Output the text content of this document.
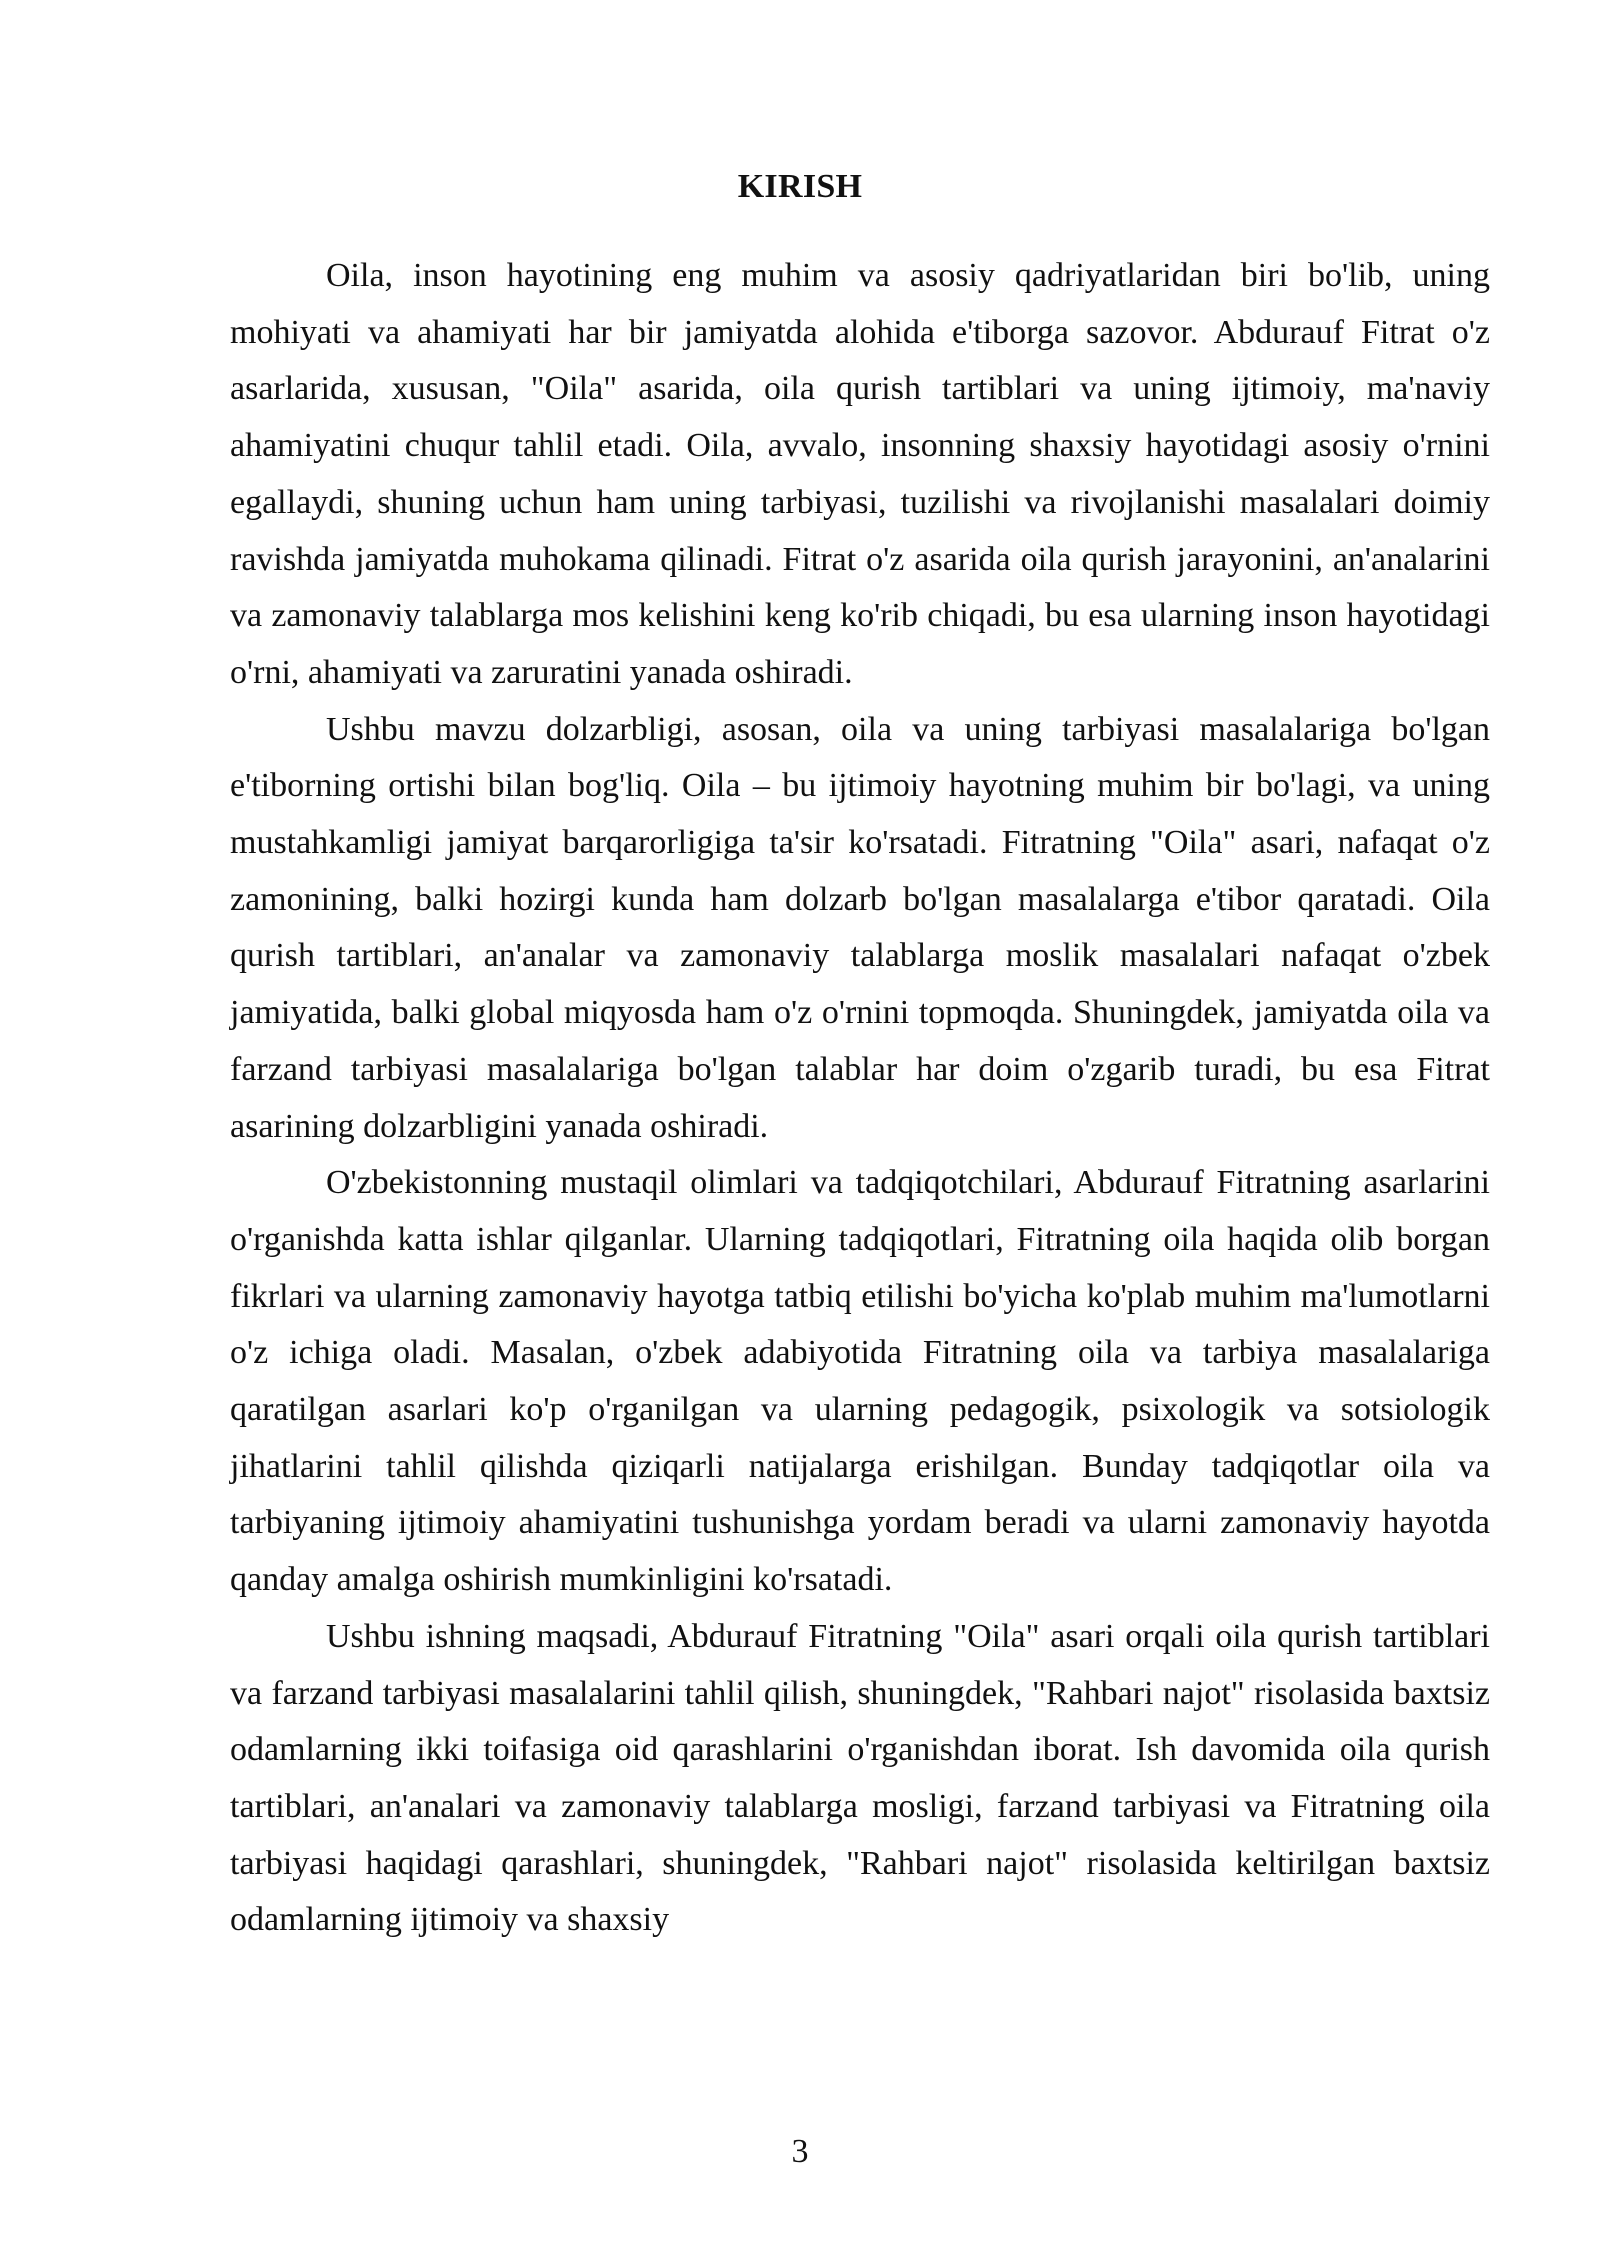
KIRISH

Oila, inson hayotining eng muhim va asosiy qadriyatlaridan biri bo'lib, uning mohiyati va ahamiyati har bir jamiyatda alohida e'tiborga sazovor. Abdurauf Fitrat o'z asarlarida, xususan, "Oila" asarida, oila qurish tartiblari va uning ijtimoiy, ma'naviy ahamiyatini chuqur tahlil etadi. Oila, avvalo, insonning shaxsiy hayotidagi asosiy o'rnini egallaydi, shuning uchun ham uning tarbiyasi, tuzilishi va rivojlanishi masalalari doimiy ravishda jamiyatda muhokama qilinadi. Fitrat o'z asarida oila qurish jarayonini, an'analarini va zamonaviy talablarga mos kelishini keng ko'rib chiqadi, bu esa ularning inson hayotidagi o'rni, ahamiyati va zaruratini yanada oshiradi.

Ushbu mavzu dolzarbligi, asosan, oila va uning tarbiyasi masalalariga bo'lgan e'tiborning ortishi bilan bog'liq. Oila – bu ijtimoiy hayotning muhim bir bo'lagi, va uning mustahkamligi jamiyat barqarorligiga ta'sir ko'rsatadi. Fitratning "Oila" asari, nafaqat o'z zamonining, balki hozirgi kunda ham dolzarb bo'lgan masalalarga e'tibor qaratadi. Oila qurish tartiblari, an'analar va zamonaviy talablarga moslik masalalari nafaqat o'zbek jamiyatida, balki global miqyosda ham o'z o'rnini topmoqda. Shuningdek, jamiyatda oila va farzand tarbiyasi masalalariga bo'lgan talablar har doim o'zgarib turadi, bu esa Fitrat asarining dolzarbligini yanada oshiradi.

O'zbekistonning mustaqil olimlari va tadqiqotchilari, Abdurauf Fitratning asarlarini o'rganishda katta ishlar qilganlar. Ularning tadqiqotlari, Fitratning oila haqida olib borgan fikrlari va ularning zamonaviy hayotga tatbiq etilishi bo'yicha ko'plab muhim ma'lumotlarni o'z ichiga oladi. Masalan, o'zbek adabiyotida Fitratning oila va tarbiya masalalariga qaratilgan asarlari ko'p o'rganilgan va ularning pedagogik, psixologik va sotsiologik jihatlarini tahlil qilishda qiziqarli natijalarga erishilgan. Bunday tadqiqotlar oila va tarbiyaning ijtimoiy ahamiyatini tushunishga yordam beradi va ularni zamonaviy hayotda qanday amalga oshirish mumkinligini ko'rsatadi.

Ushbu ishning maqsadi, Abdurauf Fitratning "Oila" asari orqali oila qurish tartiblari va farzand tarbiyasi masalalarini tahlil qilish, shuningdek, "Rahbari najot" risolasida baxtsiz odamlarning ikki toifasiga oid qarashlarini o'rganishdan iborat. Ish davomida oila qurish tartiblari, an'analari va zamonaviy talablarga mosligi, farzand tarbiyasi va Fitratning oila tarbiyasi haqidagi qarashlari, shuningdek, "Rahbari najot" risolasida keltirilgan baxtsiz odamlarning ijtimoiy va shaxsiy

3
